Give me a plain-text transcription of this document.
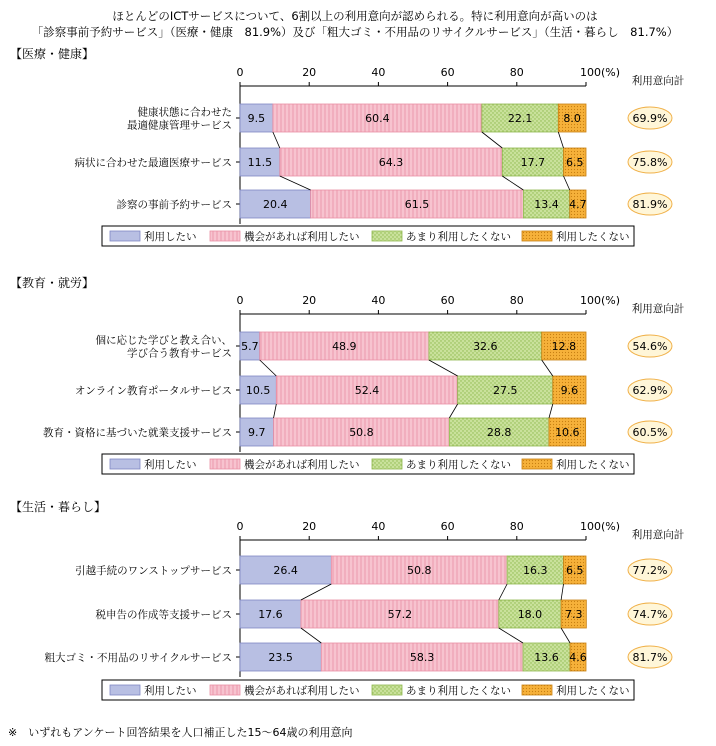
ほとんどのICTサービスについて、6割以上の利用意向が認められる。特に利用意向が高いのは
「診察事前予約サービス」（医療・健康　81.9%）及び「粗大ゴミ・不用品のリサイクルサービス」（生活・暮らし　81.7%）
【医療・健康】
0	20	40	60	80	100(%)
利用意向計
健康状態に合わせた
最適健康管理サービス
9.5	60.4	22.1	8.0	69.9%
病状に合わせた最適医療サービス 11.5	64.3	17.7 6.5	75.8%
診察の事前予約サービス	20.4	61.5	13.4 4.7	81.9%
利用したい	機会があれば利用したい	あまり利用したくない	利用したくない
【教育・就労】
0	20	40	60	80	100(%)
利用意向計
個に応じた学びと教え合い、
学び合う教育サービス
5.7	48.9	32.6	12.8	54.6%
オンライン教育ポータルサービス 10.5	52.4	27.5	9.6	62.9%
教育・資格に基づいた就業支援サービス 9.7	50.8	28.8	10.6	60.5%
利用したい	機会があれば利用したい	あまり利用したくない	利用したくない
【生活・暮らし】
0	20	40	60	80	100(%)
利用意向計
引越手続のワンストップサービス	26.4	50.8	16.3 6.5	77.2%
税申告の作成等支援サービス 17.6	57.2	18.0 7.3	74.7%
粗大ゴミ・不用品のリサイクルサービス	23.5	58.3	13.6 4.6	81.7%
利用したい	機会があれば利用したい	あまり利用したくない	利用したくない
※　いずれもアンケート回答結果を人口補正した15〜64歳の利用意向
